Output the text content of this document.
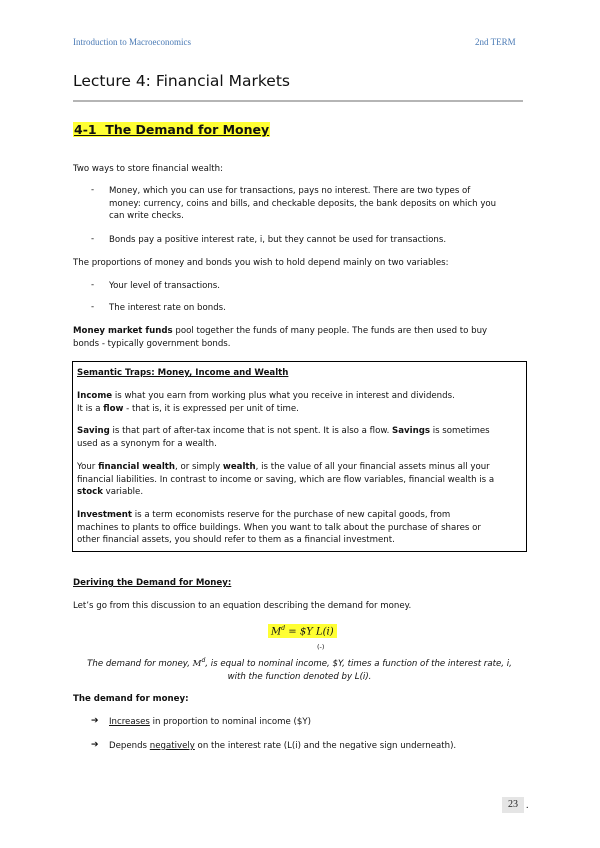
Introduction to Macroeconomics	2nd TERM
Lecture 4: Financial Markets
4-1  The Demand for Money
Two ways to store financial wealth:
- Money, which you can use for transactions, pays no interest. There are two types of
money: currency, coins and bills, and checkable deposits, the bank deposits on which you
can write checks.
- Bonds pay a positive interest rate, i, but they cannot be used for transactions.
The proportions of money and bonds you wish to hold depend mainly on two variables:
- Your level of transactions.
- The interest rate on bonds.
Money market funds pool together the funds of many people. The funds are then used to buy
bonds - typically government bonds.
Semantic Traps: Money, Income and Wealth
Income is what you earn from working plus what you receive in interest and dividends.
It is a flow - that is, it is expressed per unit of time.
Saving is that part of after-tax income that is not spent. It is also a flow. Savings is sometimes
used as a synonym for a wealth.
Your financial wealth, or simply wealth, is the value of all your financial assets minus all your
financial liabilities. In contrast to income or saving, which are flow variables, financial wealth is a
stock variable.
Investment is a term economists reserve for the purchase of new capital goods, from
machines to plants to office buildings. When you want to talk about the purchase of shares or
other financial assets, you should refer to them as a financial investment.
Deriving the Demand for Money:
Let’s go from this discussion to an equation describing the demand for money.
$M^d$ = $Y L(i)
(-)
The demand for money, $M^d$, is equal to nominal income, $Y, times a function of the interest rate, i,
with the function denoted by L(i).
The demand for money:
➔ Increases in proportion to nominal income ($Y)
➔ Depends negatively on the interest rate (L(i) and the negative sign underneath).
23 .
